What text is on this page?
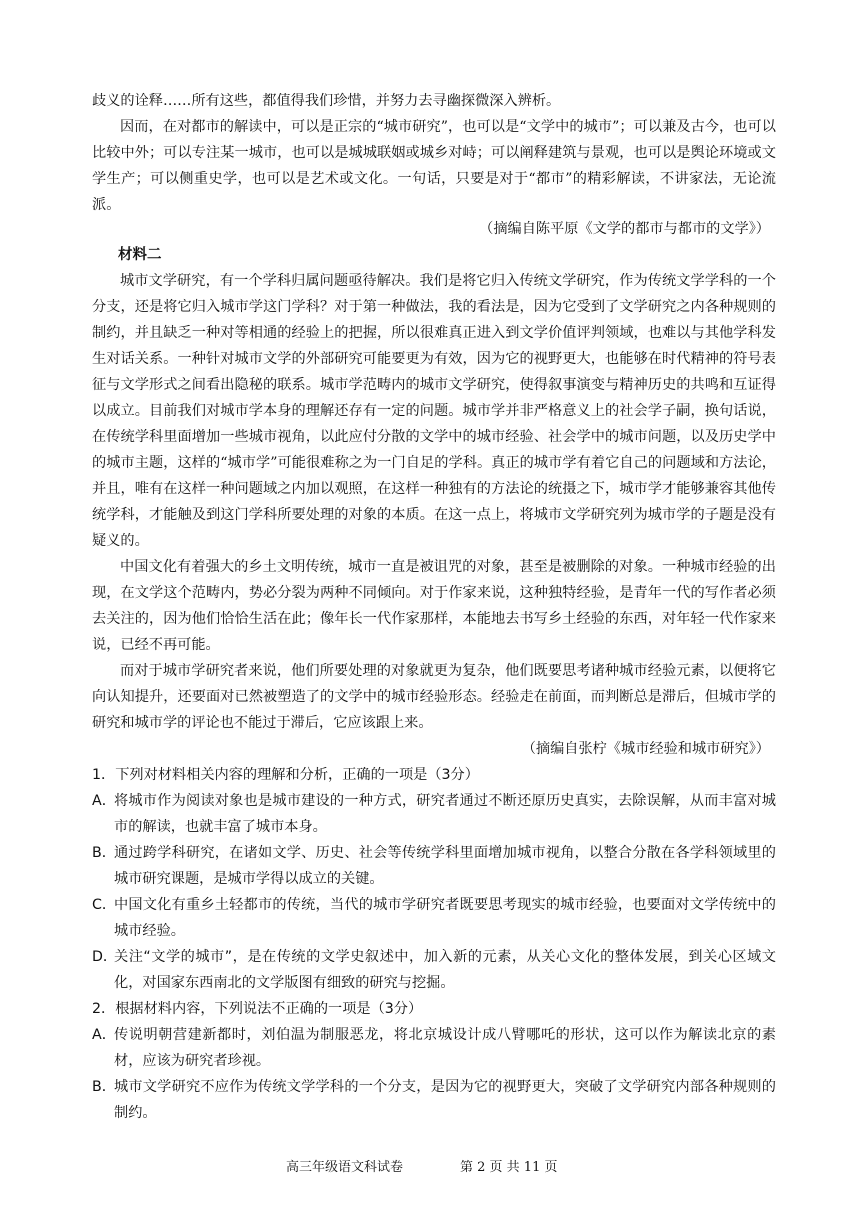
歧义的诠释……所有这些，都值得我们珍惜，并努力去寻幽探微深入辨析。

因而，在对都市的解读中，可以是正宗的“城市研究”，也可以是“文学中的城市”；可以兼及古今，也可以比较中外；可以专注某一城市，也可以是城城联姻或城乡对峙；可以阐释建筑与景观，也可以是舆论环境或文学生产；可以侧重史学，也可以是艺术或文化。一句话，只要是对于“都市”的精彩解读，不讲家法，无论流派。

（摘编自陈平原《文学的都市与都市的文学》）

材料二

城市文学研究，有一个学科归属问题亟待解决。我们是将它归入传统文学研究，作为传统文学学科的一个分支，还是将它归入城市学这门学科？对于第一种做法，我的看法是，因为它受到了文学研究之内各种规则的制约，并且缺乏一种对等相通的经验上的把握，所以很难真正进入到文学价值评判领域，也难以与其他学科发生对话关系。一种针对城市文学的外部研究可能要更为有效，因为它的视野更大，也能够在时代精神的符号表征与文学形式之间看出隐秘的联系。城市学范畴内的城市文学研究，使得叙事演变与精神历史的共鸣和互证得以成立。目前我们对城市学本身的理解还存有一定的问题。城市学并非严格意义上的社会学子嗣，换句话说，在传统学科里面增加一些城市视角，以此应付分散的文学中的城市经验、社会学中的城市问题，以及历史学中的城市主题，这样的“城市学”可能很难称之为一门自足的学科。真正的城市学有着它自己的问题域和方法论，并且，唯有在这样一种问题域之内加以观照，在这样一种独有的方法论的统摄之下，城市学才能够兼容其他传统学科，才能触及到这门学科所要处理的对象的本质。在这一点上，将城市文学研究列为城市学的子题是没有疑义的。

中国文化有着强大的乡土文明传统，城市一直是被诅咒的对象，甚至是被删除的对象。一种城市经验的出现，在文学这个范畴内，势必分裂为两种不同倾向。对于作家来说，这种独特经验，是青年一代的写作者必须去关注的，因为他们恰恰生活在此；像年长一代作家那样，本能地去书写乡土经验的东西，对年轻一代作家来说，已经不再可能。

而对于城市学研究者来说，他们所要处理的对象就更为复杂，他们既要思考诸种城市经验元素，以便将它向认知提升，还要面对已然被塑造了的文学中的城市经验形态。经验走在前面，而判断总是滞后，但城市学的研究和城市学的评论也不能过于滞后，它应该跟上来。

（摘编自张柠《城市经验和城市研究》）

1．下列对材料相关内容的理解和分析，正确的一项是（3分）

A．
将城市作为阅读对象也是城市建设的一种方式，研究者通过不断还原历史真实，去除误解，从而丰富对城市的解读，也就丰富了城市本身。
B．
通过跨学科研究，在诸如文学、历史、社会等传统学科里面增加城市视角，以整合分散在各学科领域里的城市研究课题，是城市学得以成立的关键。
C．
中国文化有重乡土轻都市的传统，当代的城市学研究者既要思考现实的城市经验，也要面对文学传统中的城市经验。
D．
关注“文学的城市”，是在传统的文学史叙述中，加入新的元素，从关心文化的整体发展，到关心区域文化，对国家东西南北的文学版图有细致的研究与挖掘。

2．根据材料内容，下列说法不正确的一项是（3分）

A．
传说明朝营建新都时，刘伯温为制服恶龙，将北京城设计成八臂哪吒的形状，这可以作为解读北京的素材，应该为研究者珍视。
B．
城市文学研究不应作为传统文学学科的一个分支，是因为它的视野更大，突破了文学研究内部各种规则的制约。
高三年级语文科试卷	第 2 页 共 11 页
